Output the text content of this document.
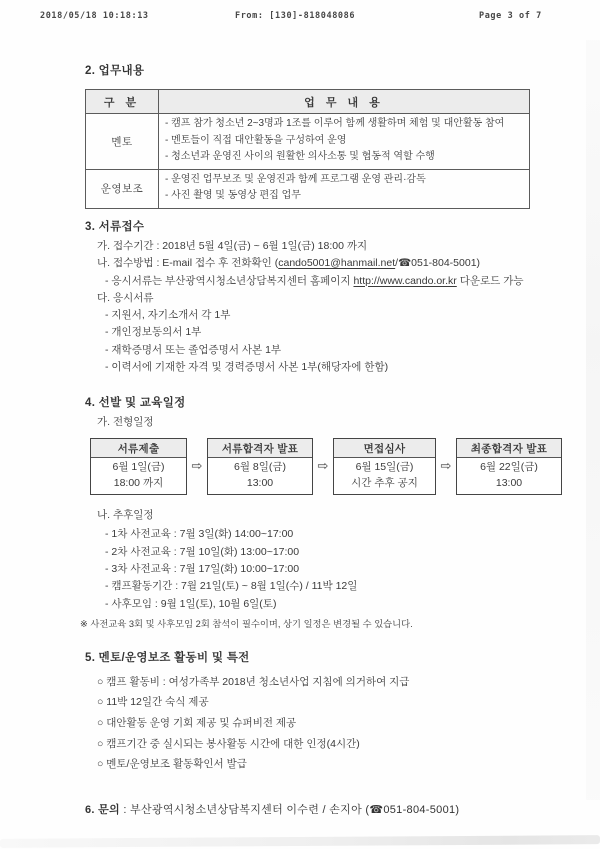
2018/05/18 10:18:13	From: [130]-818048086	Page 3 of 7
2. 업무내용
구 분	업 무 내 용
멘토	- 캠프 참가 청소년 2~3명과 1조를 이루어 함께 생활하며 체험 및 대안활동 참여
- 멘토들이 직접 대안활동을 구성하여 운영
- 청소년과 운영진 사이의 원활한 의사소통 및 협동적 역할 수행

운영보조	- 운영진 업무보조 및 운영진과 함께 프로그램 운영 관리·감독
- 사진 촬영 및 동영상 편집 업무
3. 서류접수
가. 접수기간 : 2018년 5월 4일(금) ~ 6월 1일(금) 18:00 까지
나. 접수방법 : E-mail 접수 후 전화확인 (cando5001@hanmail.net/☎051-804-5001)
- 응시서류는 부산광역시청소년상담복지센터 홈페이지 http://www.cando.or.kr 다운로드 가능
다. 응시서류
- 지원서, 자기소개서 각 1부
- 개인정보동의서 1부
- 재학증명서 또는 졸업증명서 사본 1부
- 이력서에 기재한 자격 및 경력증명서 사본 1부(해당자에 한함)
4. 선발 및 교육일정
가. 전형일정
서류제출
6월 1일(금)
18:00 까지
⇨
서류합격자 발표
6월 8일(금)
13:00
⇨
면접심사
6월 15일(금)
시간 추후 공지
⇨
최종합격자 발표
6월 22일(금)
13:00
나. 추후일정
- 1차 사전교육 : 7월 3일(화) 14:00~17:00
- 2차 사전교육 : 7월 10일(화) 13:00~17:00
- 3차 사전교육 : 7월 17일(화) 10:00~17:00
- 캠프활동기간 : 7월 21일(토) ~ 8월 1일(수) / 11박 12일
- 사후모임 : 9월 1일(토), 10월 6일(토)
※ 사전교육 3회 및 사후모임 2회 참석이 필수이며, 상기 일정은 변경될 수 있습니다.
5. 멘토/운영보조 활동비 및 특전
○ 캠프 활동비 : 여성가족부 2018년 청소년사업 지침에 의거하여 지급
○ 11박 12일간 숙식 제공
○ 대안활동 운영 기회 제공 및 슈퍼비전 제공
○ 캠프기간 중 실시되는 봉사활동 시간에 대한 인정(4시간)
○ 멘토/운영보조 활동확인서 발급
6. 문의 : 부산광역시청소년상담복지센터 이수련 / 손지아 (☎051-804-5001)
